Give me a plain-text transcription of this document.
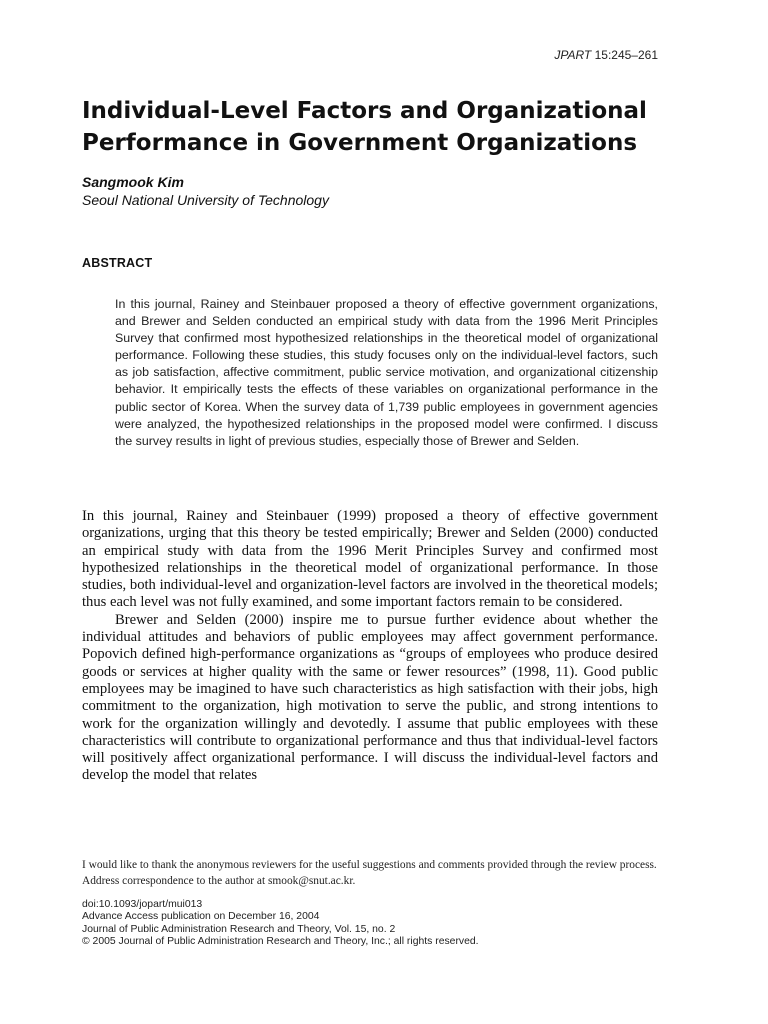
JPART 15:245–261
Individual-Level Factors and Organizational Performance in Government Organizations

Sangmook Kim

Seoul National University of Technology

ABSTRACT

In this journal, Rainey and Steinbauer proposed a theory of effective government organizations, and Brewer and Selden conducted an empirical study with data from the 1996 Merit Principles Survey that confirmed most hypothesized relationships in the theoretical model of organizational performance. Following these studies, this study focuses only on the individual-level factors, such as job satisfaction, affective commitment, public service motivation, and organizational citizenship behavior. It empirically tests the effects of these variables on organizational performance in the public sector of Korea. When the survey data of 1,739 public employees in government agencies were analyzed, the hypothesized relationships in the proposed model were confirmed. I discuss the survey results in light of previous studies, especially those of Brewer and Selden.

In this journal, Rainey and Steinbauer (1999) proposed a theory of effective government organizations, urging that this theory be tested empirically; Brewer and Selden (2000) conducted an empirical study with data from the 1996 Merit Principles Survey and confirmed most hypothesized relationships in the theoretical model of organizational performance. In those studies, both individual-level and organization-level factors are involved in the theoretical models; thus each level was not fully examined, and some important factors remain to be considered.

Brewer and Selden (2000) inspire me to pursue further evidence about whether the individual attitudes and behaviors of public employees may affect government performance. Popovich defined high-performance organizations as “groups of employees who produce desired goods or services at higher quality with the same or fewer resources” (1998, 11). Good public employees may be imagined to have such characteristics as high satisfaction with their jobs, high commitment to the organization, high motivation to serve the public, and strong intentions to work for the organization willingly and devotedly. I assume that public employees with these characteristics will contribute to organizational performance and thus that individual-level factors will positively affect organizational performance. I will discuss the individual-level factors and develop the model that relates

I would like to thank the anonymous reviewers for the useful suggestions and comments provided through the review process. Address correspondence to the author at smook@snut.ac.kr.

doi:10.1093/jopart/mui013
Advance Access publication on December 16, 2004
Journal of Public Administration Research and Theory, Vol. 15, no. 2
© 2005 Journal of Public Administration Research and Theory, Inc.; all rights reserved.
